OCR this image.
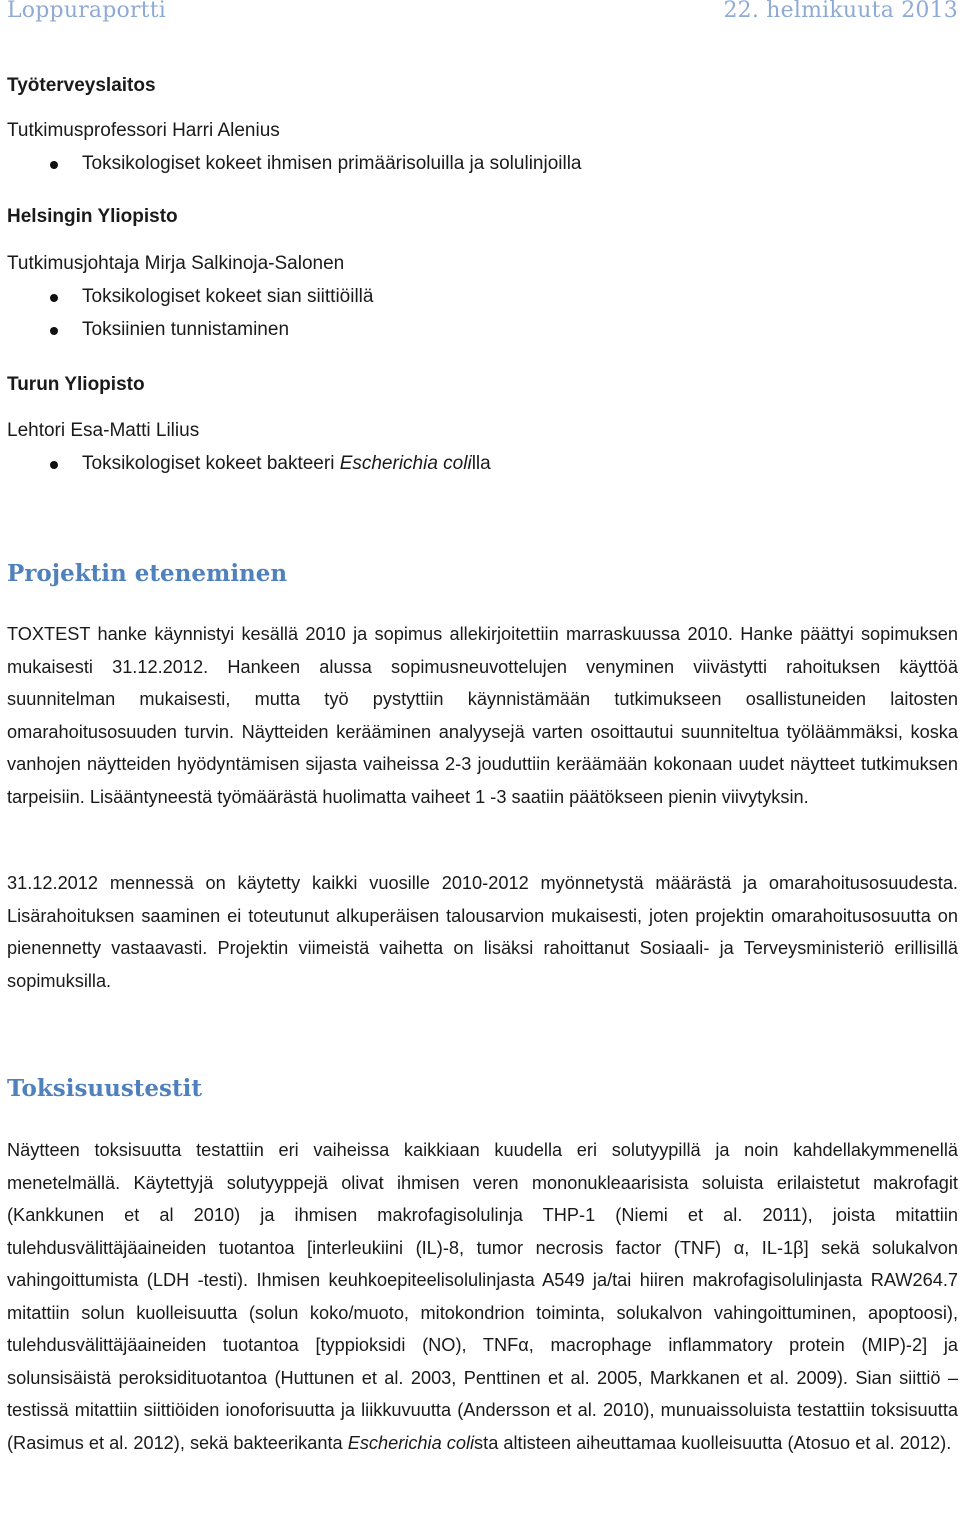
Loppuraportti	22. helmikuuta 2013
Työterveyslaitos
Tutkimusprofessori Harri Alenius
Toksikologiset kokeet ihmisen primäärisoluilla ja solulinjoilla
Helsingin Yliopisto
Tutkimusjohtaja Mirja Salkinoja-Salonen
Toksikologiset kokeet sian siittiöillä
Toksiinien tunnistaminen
Turun Yliopisto
Lehtori Esa-Matti Lilius
Toksikologiset kokeet bakteeri Escherichia colilla
Projektin eteneminen
TOXTEST hanke käynnistyi kesällä 2010 ja sopimus allekirjoitettiin marraskuussa 2010. Hanke päättyi sopimuksen mukaisesti 31.12.2012. Hankeen alussa sopimusneuvottelujen venyminen viivästytti rahoituksen käyttöä suunnitelman mukaisesti, mutta työ pystyttiin käynnistämään tutkimukseen osallistuneiden laitosten omarahoitusosuuden turvin. Näytteiden kerääminen analyysejä varten osoittautui suunniteltua työläämmäksi, koska vanhojen näytteiden hyödyntämisen sijasta vaiheissa 2-3 jouduttiin keräämään kokonaan uudet näytteet tutkimuksen tarpeisiin. Lisääntyneestä työmäärästä huolimatta vaiheet 1 -3 saatiin päätökseen pienin viivytyksin.
31.12.2012 mennessä on käytetty kaikki vuosille 2010-2012 myönnetystä määrästä ja omarahoitusosuudesta. Lisärahoituksen saaminen ei toteutunut alkuperäisen talousarvion mukaisesti, joten projektin omarahoitusosuutta on pienennetty vastaavasti. Projektin viimeistä vaihetta on lisäksi rahoittanut Sosiaali- ja Terveysministeriö erillisillä sopimuksilla.
Toksisuustestit
Näytteen toksisuutta testattiin eri vaiheissa kaikkiaan kuudella eri solutyypillä ja noin kahdellakymmenellä menetelmällä. Käytettyjä solutyyppejä olivat ihmisen veren mononukleaarisista soluista erilaistetut makrofagit (Kankkunen et al 2010) ja ihmisen makrofagisolulinja THP-1 (Niemi et al. 2011), joista mitattiin tulehdusvälittäjäaineiden tuotantoa [interleukiini (IL)-8, tumor necrosis factor (TNF) α, IL-1β] sekä solukalvon vahingoittumista (LDH -testi). Ihmisen keuhkoepiteelisolulinjasta A549 ja/tai hiiren makrofagisolulinjasta RAW264.7 mitattiin solun kuolleisuutta (solun koko/muoto, mitokondrion toiminta, solukalvon vahingoittuminen, apoptoosi), tulehdusvälittäjäaineiden tuotantoa [typpioksidi (NO), TNFα, macrophage inflammatory protein (MIP)-2] ja solunsisäistä peroksidituotantoa (Huttunen et al. 2003, Penttinen et al. 2005, Markkanen et al. 2009). Sian siittiö –testissä mitattiin siittiöiden ionoforisuutta ja liikkuvuutta (Andersson et al. 2010), munuaissoluista testattiin toksisuutta (Rasimus et al. 2012), sekä bakteerikanta Escherichia colista altisteen aiheuttamaa kuolleisuutta (Atosuo et al. 2012).
